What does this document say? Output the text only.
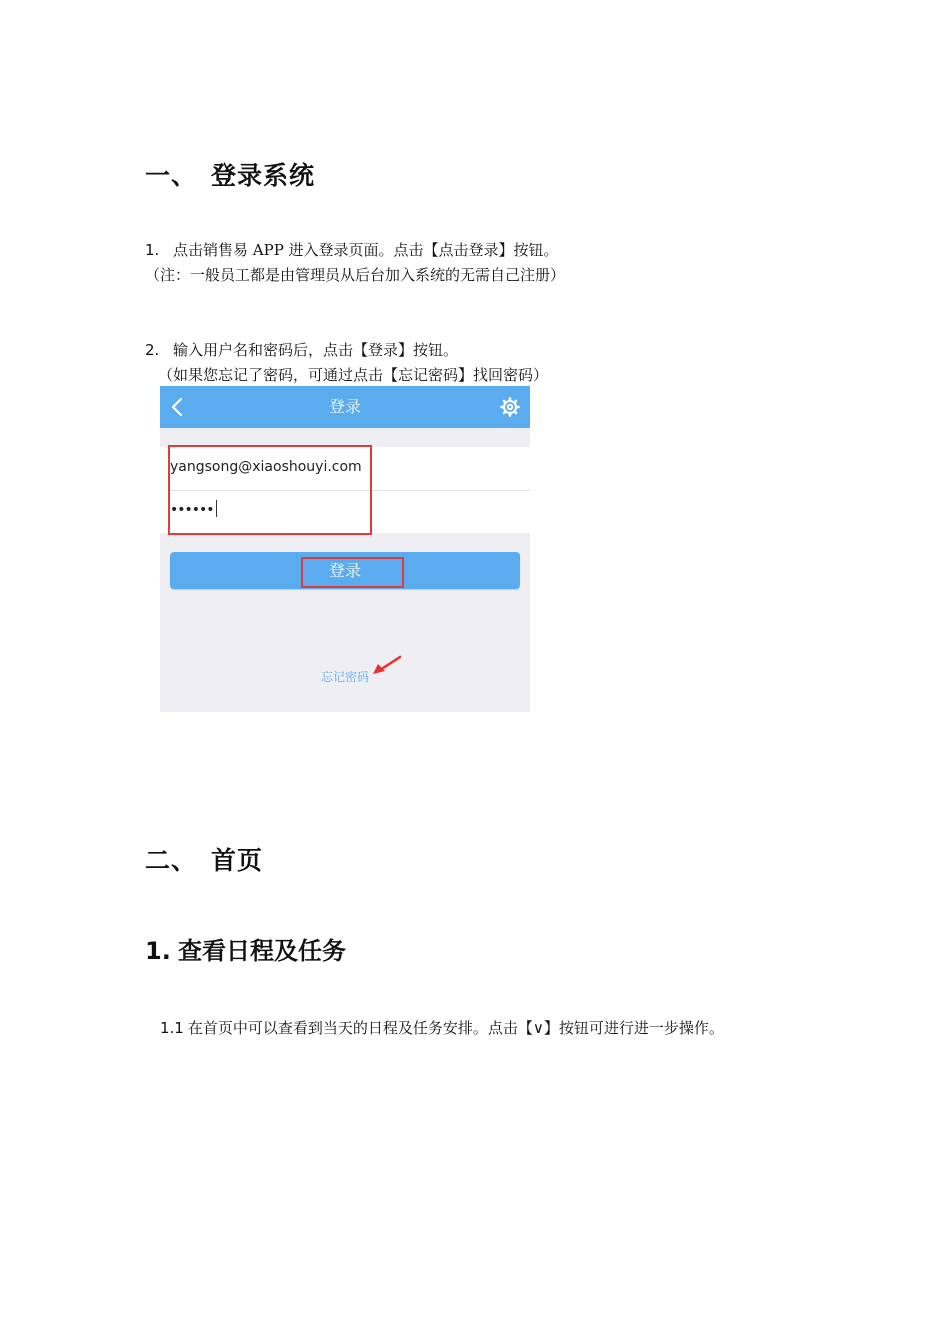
一、 登录系统
1. 点击销售易 APP 进入登录页面。点击【点击登录】按钮。
（注：一般员工都是由管理员从后台加入系统的无需自己注册）
2. 输入用户名和密码后，点击【登录】按钮。
（如果您忘记了密码，可通过点击【忘记密码】找回密码）
登录
yangsong@xiaoshouyi.com
••••••
登录
忘记密码
二、 首页
1. 查看日程及任务
1.1 在首页中可以查看到当天的日程及任务安排。点击【∨】按钮可进行进一步操作。
